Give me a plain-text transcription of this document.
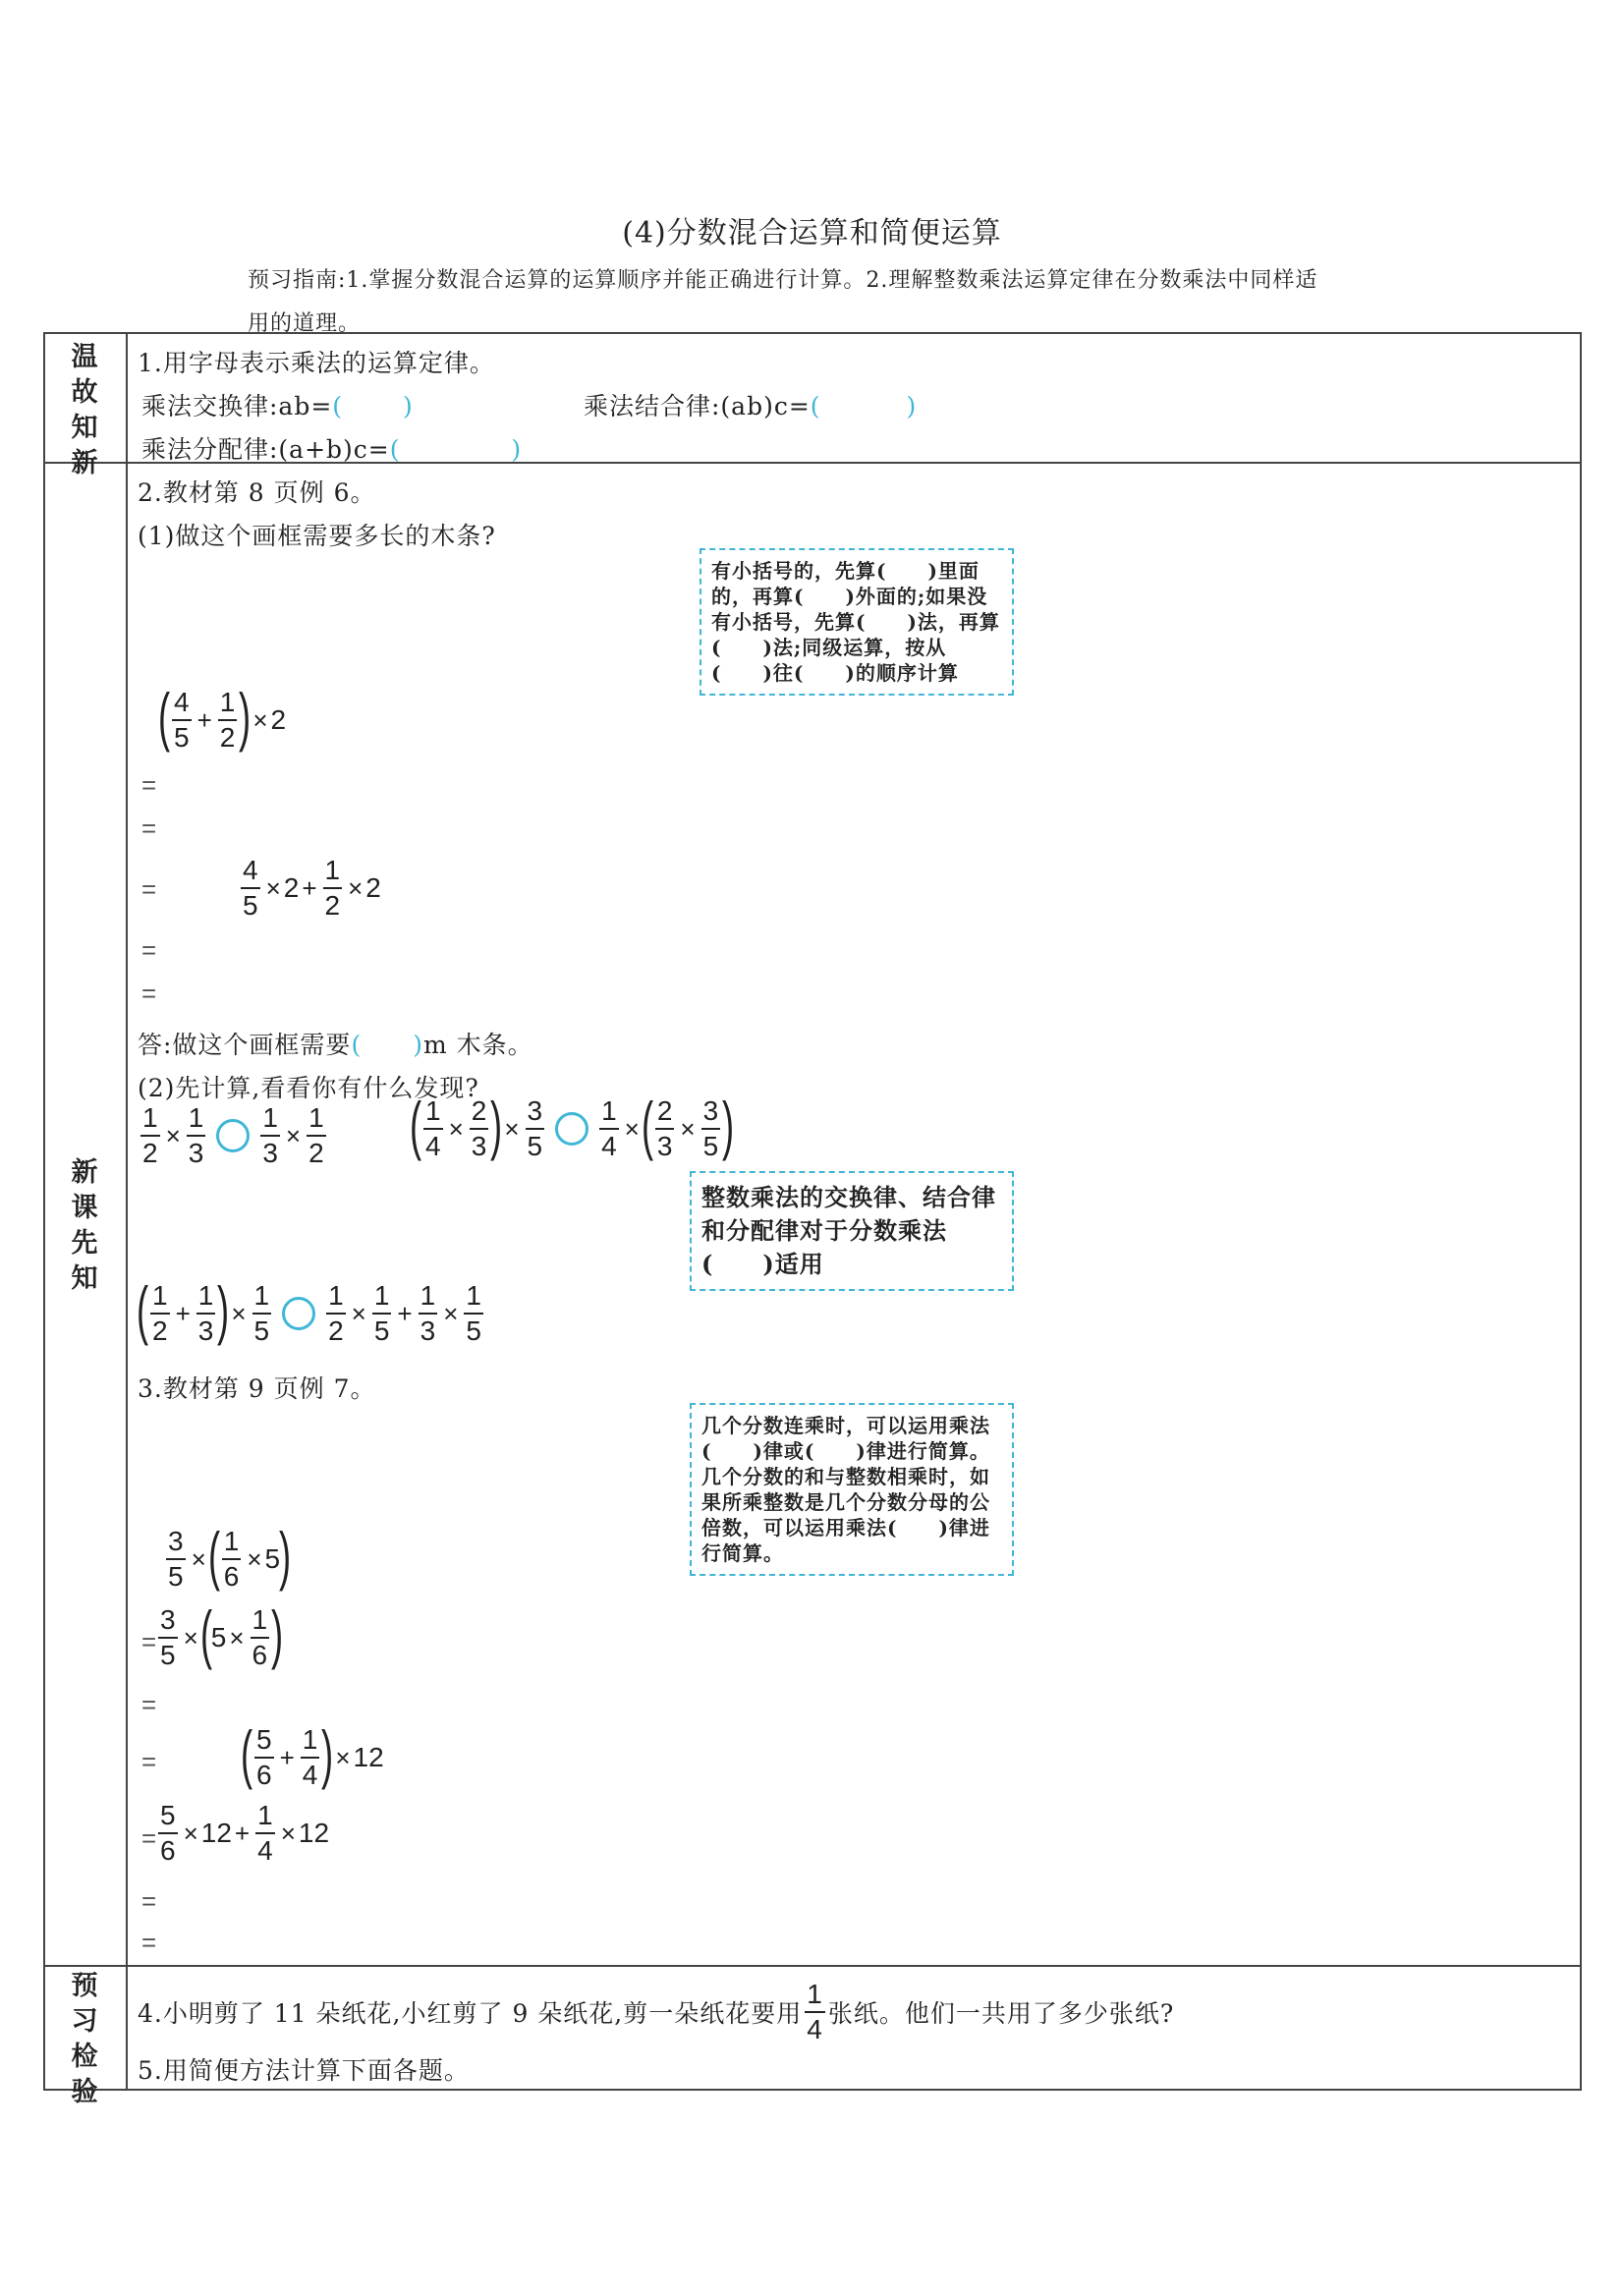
(4)分数混合运算和简便运算
预习指南:1.掌握分数混合运算的运算顺序并能正确进行计算。2.理解整数乘法运算定律在分数乘法中同样适
用的道理。
温
故
知
新
新
课
先
知
预
习
检
验
1.用字母表示乘法的运算定律。
乘法交换律:ab=(　　 )	乘法结合律:(ab)c=(　　　 )
乘法分配律:(a+b)c=(　　　　 )
2.教材第 8 页例 6。
(1)做这个画框需要多长的木条?
有小括号的，先算(　　)里面的，再算(　　)外面的;如果没有小括号，先算(　　)法，再算(　　)法;同级运算，按从(　　)往(　　)的顺序计算
( $\frac{4}{5} + \frac{1}{2}$ ) × 2
=
=
=	$\frac{4}{5} \times 2 + \frac{1}{2} \times 2$
=
=
答:做这个画框需要(　　)m 木条。
(2)先计算,看看你有什么发现?
$\frac{1}{2} \times \frac{1}{3} \frac{1}{3} \times \frac{1}{2}$ ( $\frac{1}{4} \times \frac{2}{3}$ ) × $\frac{3}{5} \frac{1}{4}$ × ( $\frac{2}{3} \times \frac{3}{5}$ )
整数乘法的交换律、结合律和分配律对于分数乘法(　　)适用
( $\frac{1}{2} + \frac{1}{3}$ ) × $\frac{1}{5} \frac{1}{2} \times \frac{1}{5} + \frac{1}{3} \times \frac{1}{5}$
3.教材第 9 页例 7。
几个分数连乘时，可以运用乘法(　　)律或(　　)律进行简算。几个分数的和与整数相乘时，如果所乘整数是几个分数分母的公倍数，可以运用乘法(　　)律进行简算。
$\frac{3}{5}$ × ( $\frac{1}{6} \times 5$
)
= $\frac{3}{5}$ × (
$5 \times \frac{1}{6}$ )
=
= ( $\frac{5}{6} + \frac{1}{4}$ ) × 12
= $\frac{5}{6} \times 12 + \frac{1}{4} \times 12$
=
=
4.小明剪了 11 朵纸花,小红剪了 9 朵纸花,剪一朵纸花要用 $\frac{1}{4}$ 张纸。他们一共用了多少张纸?
5.用简便方法计算下面各题。
